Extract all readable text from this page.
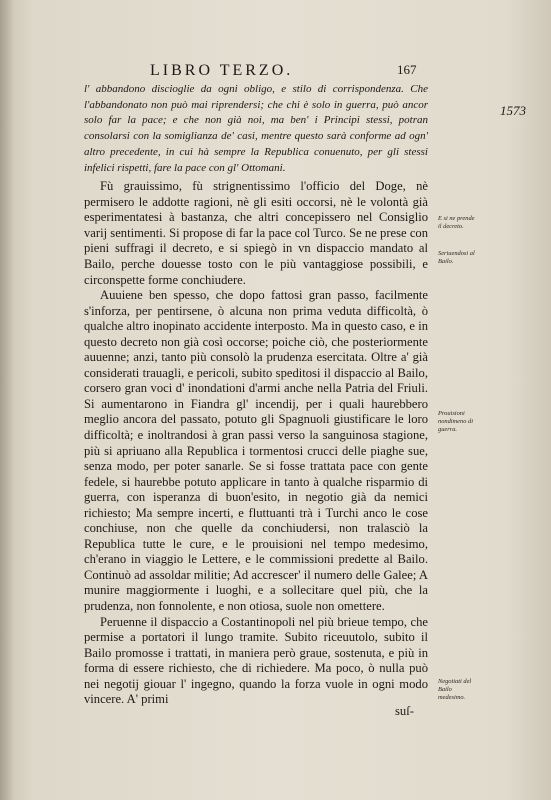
LIBRO TERZO.	167
1573

l' abbandono discioglie da ogni obligo, e stilo di corrispondenza. Che l'abbandonato non può mai riprendersi; che chi è solo in guerra, può ancor solo far la pace; e che non già noi, ma ben' i Principi stessi, potran consolarsi con la somiglianza de' casi, mentre questo sarà conforme ad ogn' altro precedente, in cui hà sempre la Republica conuenuto, per gli stessi infelici rispetti, fare la pace con gl' Ottomani.

Fù grauissimo, fù strignentissimo l'officio del Doge, nè permisero le addotte ragioni, nè gli esiti occorsi, nè le volontà già esperimentatesi à bastanza, che altri concepissero nel Consiglio varij sentimenti. Si propose di far la pace col Turco. Se ne prese con pieni suffragi il decreto, e si spiegò in vn dispaccio mandato al Bailo, perche douesse tosto con le più vantaggiose possibili, e circonspette forme conchiudere.

Auuiene ben spesso, che dopo fattosi gran passo, facilmente s'inforza, per pentirsene, ò alcuna non prima veduta difficoltà, ò qualche altro inopinato accidente interposto. Ma in questo caso, e in questo decreto non già così occorse; poiche ciò, che posteriormente auuenne; anzi, tanto più consolò la prudenza esercitata. Oltre a' già considerati trauagli, e pericoli, subito speditosi il dispaccio al Bailo, corsero gran voci d' inondationi d'armi anche nella Patria del Friuli. Si aumentarono in Fiandra gl' incendij, per i quali haurebbero meglio ancora del passato, potuto gli Spagnuoli giustificare le loro difficoltà; e inoltrandosi à gran passi verso la sanguinosa stagione, più si apriuano alla Republica i tormentosi crucci delle piaghe sue, senza modo, per poter sanarle. Se si fosse trattata pace con gente fedele, si haurebbe potuto applicare in tanto à qualche risparmio di guerra, con isperanza di buon'esito, in negotio già da nemici richiesto; Ma sempre incerti, e fluttuanti trà i Turchi anco le cose conchiuse, non che quelle da conchiudersi, non tralasciò la Republica tutte le cure, e le prouisioni nel tempo medesimo, ch'erano in viaggio le Lettere, e le commissioni predette al Bailo. Continuò ad assoldar militie; Ad accrescer' il numero delle Galee; A munire maggiormente i luoghi, e a sollecitare quel più, che la prudenza, non fonnolente, e non otiosa, suole non omettere.

Peruenne il dispaccio a Costantinopoli nel più brieue tempo, che permise a portatori il lungo tramite. Subito riceuutolo, subito il Bailo promosse i trattati, in maniera però graue, sostenuta, e più in forma di essere richiesto, che di richiedere. Ma poco, ò nulla può nei negotij giouar l' ingegno, quando la forza vuole in ogni modo vincere. A' primi

suſ-
E si ne prende il decreto.
Seriuendosi al Bailo.
Prouisioni nondimeno di guerra.
Negotiati del Bailo medesimo.
